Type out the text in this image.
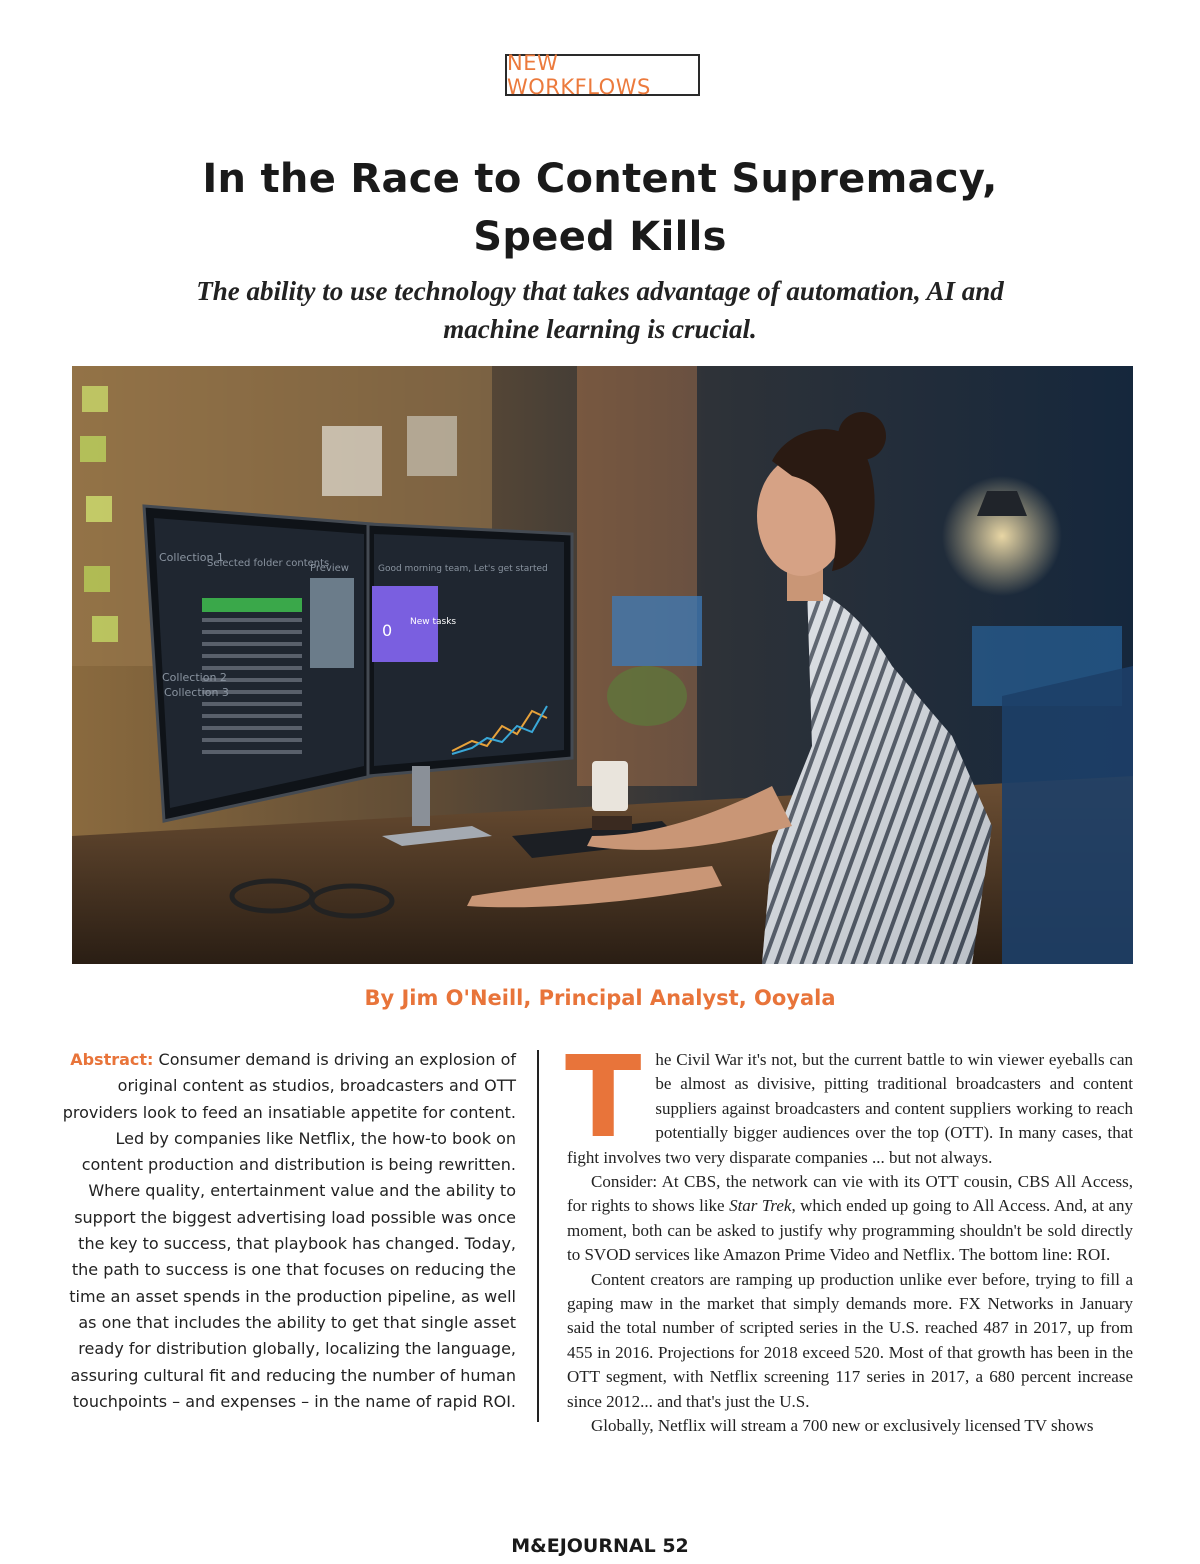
NEW WORKFLOWS
In the Race to Content Supremacy,
Speed Kills

The ability to use technology that takes advantage of automation, AI and
machine learning is crucial.

Collection 1
Collection 2
Collection 3
Selected folder contents
Preview
0 New tasks
Good morning team, Let's get started

By Jim O'Neill, Principal Analyst, Ooyala

Abstract: Consumer demand is driving an explosion of original content as studios, broadcasters and OTT providers look to feed an insatiable appetite for content. Led by companies like Netflix, the how-to book on content production and distribution is being rewritten. Where quality, entertainment value and the ability to support the biggest advertising load possible was once the key to success, that playbook has changed. Today, the path to success is one that focuses on reducing the time an asset spends in the production pipeline, as well as one that includes the ability to get that single asset ready for distribution globally, localizing the language, assuring cultural fit and reducing the number of human touchpoints – and expenses – in the name of rapid ROI.

The Civil War it's not, but the current battle to win viewer eyeballs can be almost as divisive, pitting traditional broadcasters and content suppliers against broadcasters and content suppliers working to reach potentially bigger audiences over the top (OTT). In many cases, that fight involves two very disparate companies ... but not always.

Consider: At CBS, the network can vie with its OTT cousin, CBS All Access, for rights to shows like Star Trek, which ended up going to All Access. And, at any moment, both can be asked to justify why programming shouldn't be sold directly to SVOD services like Amazon Prime Video and Netflix. The bottom line: ROI.

Content creators are ramping up production unlike ever before, trying to fill a gaping maw in the market that simply demands more. FX Networks in January said the total number of scripted series in the U.S. reached 487 in 2017, up from 455 in 2016. Projections for 2018 exceed 520. Most of that growth has been in the OTT segment, with Netflix screening 117 series in 2017, a 680 percent increase since 2012... and that's just the U.S.

Globally, Netflix will stream a 700 new or exclusively licensed TV shows

M&EJOURNAL 52
